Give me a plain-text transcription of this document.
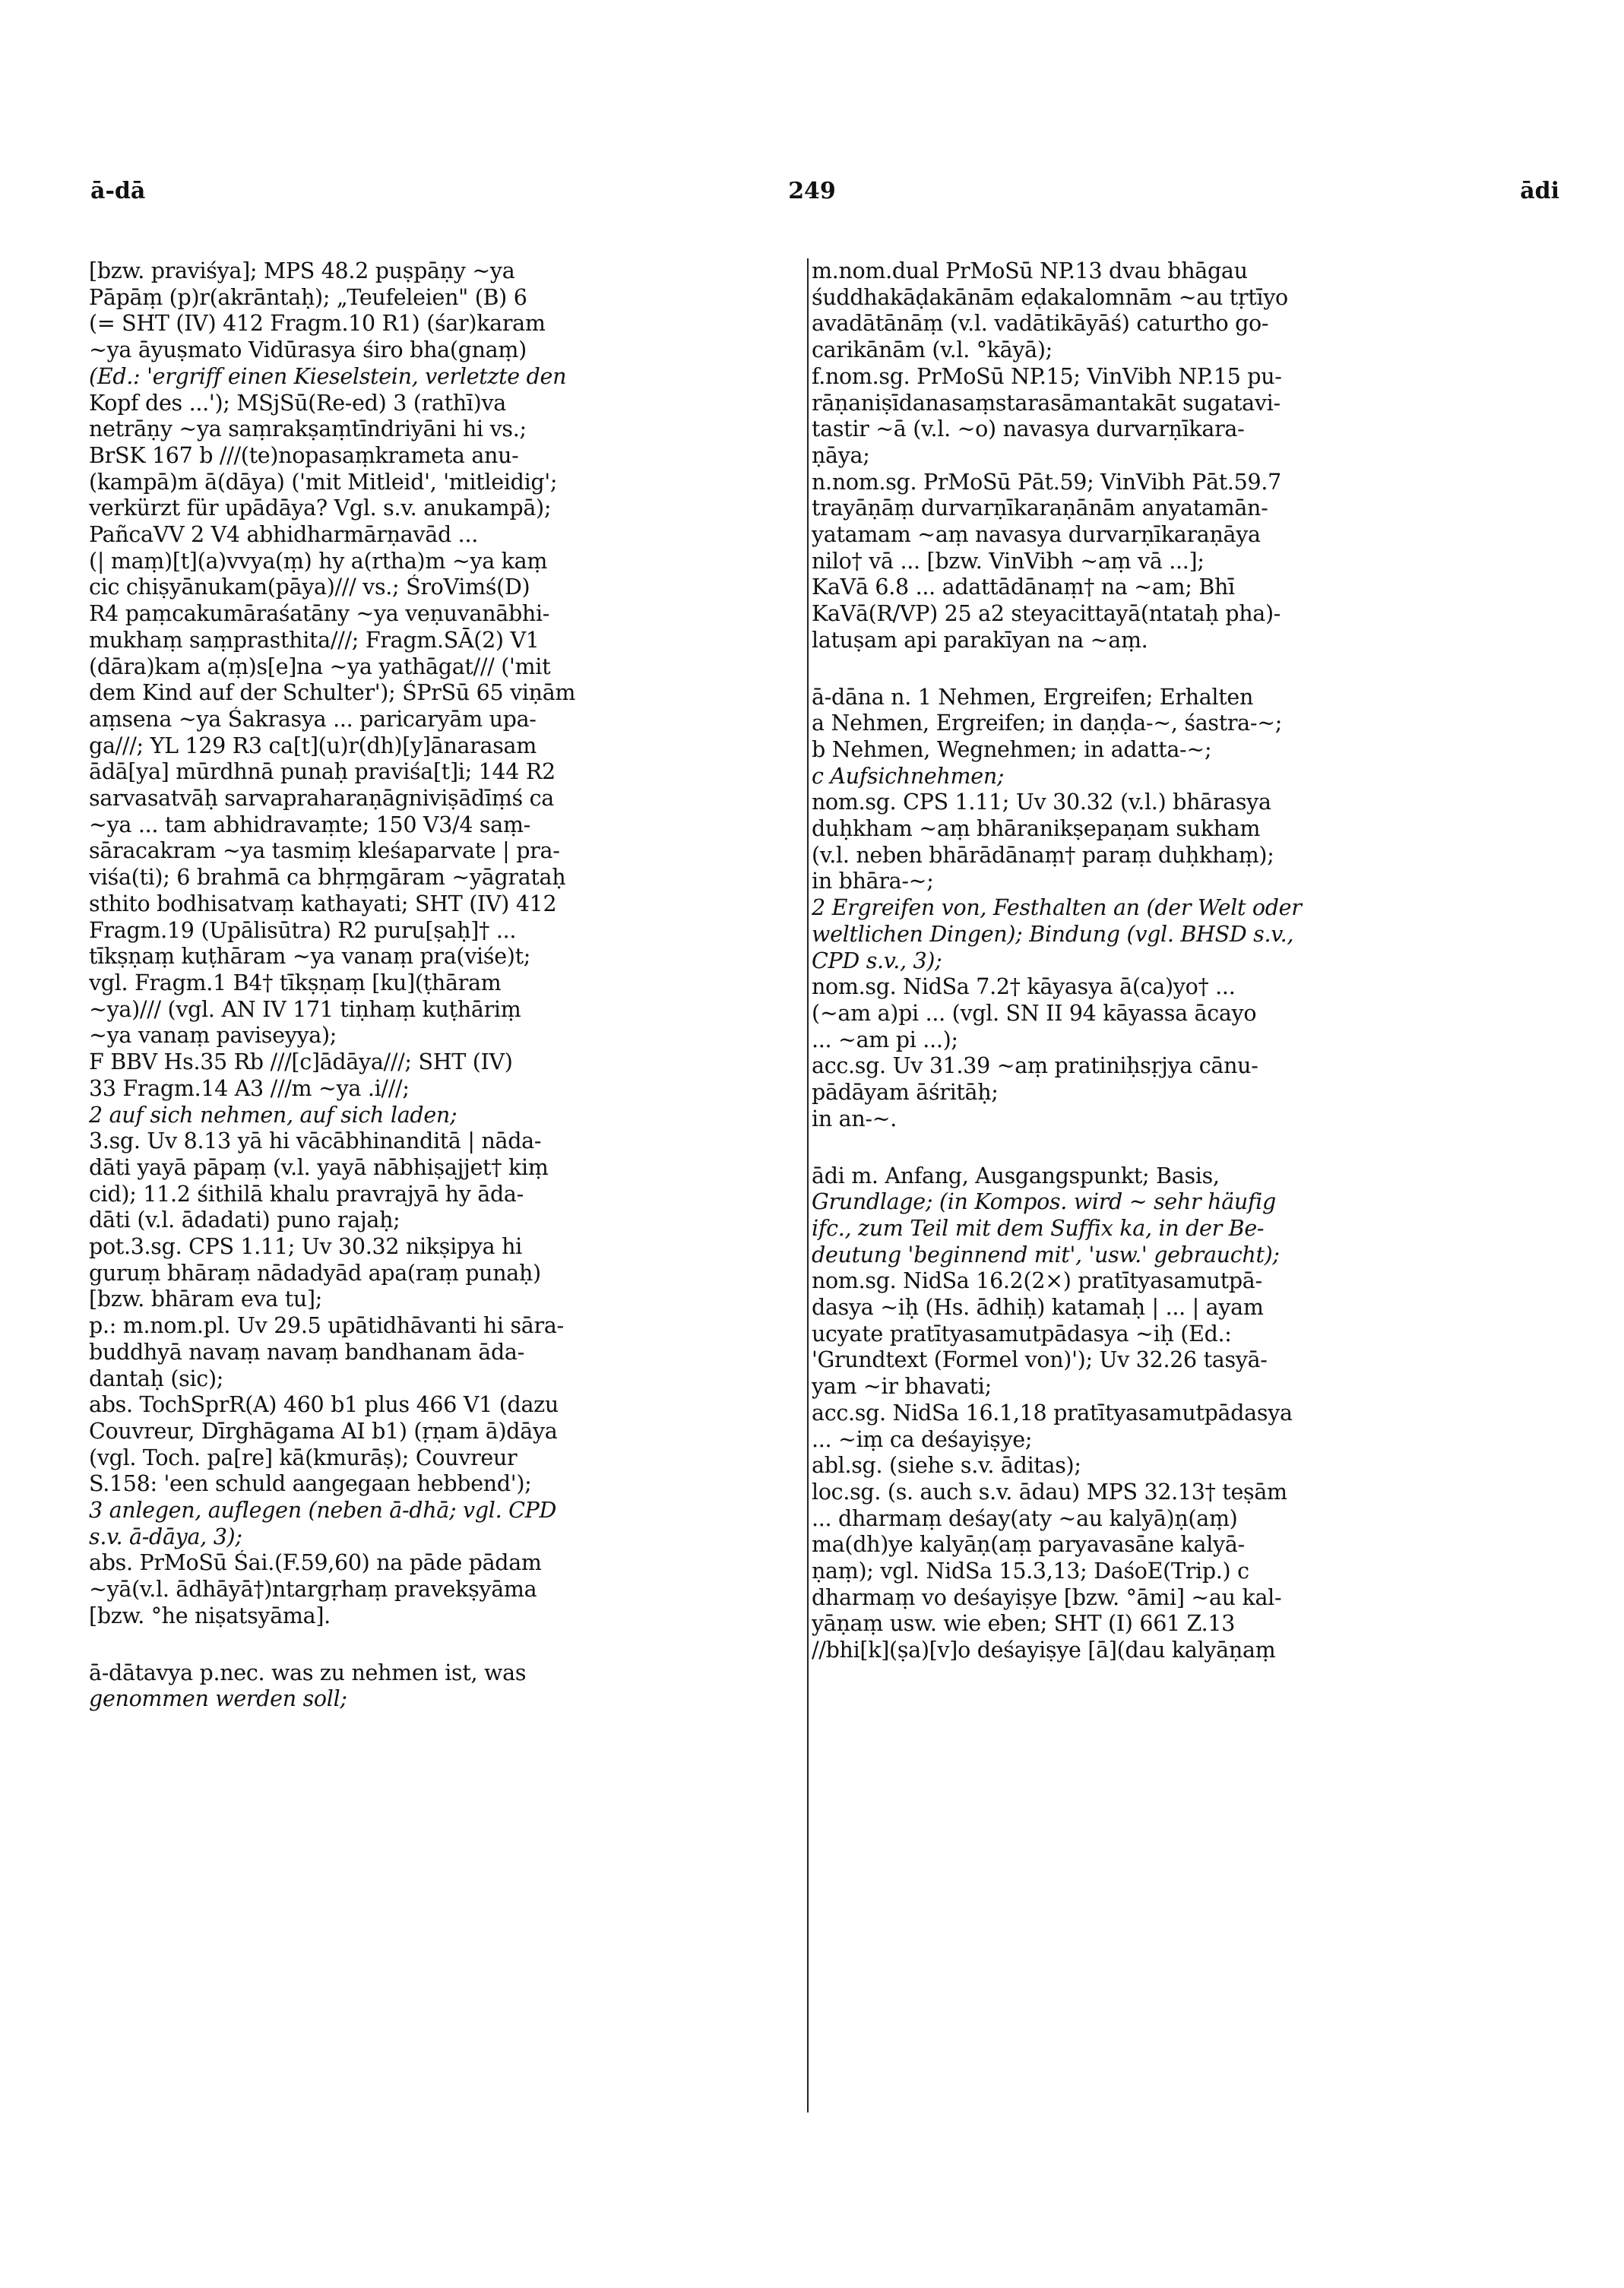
ā-dā	249	ādi
[bzw. praviśya]; MPS 48.2 puṣpāṇy ~ya
Pāpāṃ (p)r(akrāntaḥ); „Teufeleien" (B) 6
(= SHT (IV) 412 Fragm.10 R1) (śar)karam
~ya āyuṣmato Vidūrasya śiro bha(gnaṃ)
(Ed.: 'ergriff einen Kieselstein, verletzte den
Kopf des ...'); MSjSū(Re-ed) 3 (rathī)va
netrāṇy ~ya saṃrakṣaṃtīndriyāni hi vs.;
BrSK 167 b ///(te)nopasaṃkrameta anu-
(kampā)m ā(dāya) ('mit Mitleid', 'mitleidig';
verkürzt für upādāya? Vgl. s.v. anukampā);
PañcaVV 2 V4 abhidharmārṇavād ...
(| maṃ)[t](a)vvya(ṃ) hy a(rtha)m ~ya kaṃ
cic chiṣyānukam(pāya)/// vs.; ŚroVimś(D)
R4 paṃcakumāraśatāny ~ya veṇuvanābhi-
mukhaṃ saṃprasthita///; Fragm.SĀ(2) V1
(dāra)kam a(ṃ)s[e]na ~ya yathāgat/// ('mit
dem Kind auf der Schulter'); ŚPrSū 65 viṇām
aṃsena ~ya Śakrasya ... paricaryām upa-
ga///; YL 129 R3 ca[t](u)r(dh)[y]ānarasam
ādā[ya] mūrdhnā punaḥ praviśa[t]i; 144 R2
sarvasatvāḥ sarvapraharaṇāgniviṣādīṃś ca
~ya ... tam abhidravaṃte; 150 V3/4 saṃ-
sāracakram ~ya tasmiṃ kleśaparvate | pra-
viśa(ti); 6 brahmā ca bhṛṃgāram ~yāgrataḥ
sthito bodhisatvaṃ kathayati; SHT (IV) 412
Fragm.19 (Upālisūtra) R2 puru[ṣaḥ]† ...
tīkṣṇaṃ kuṭhāram ~ya vanaṃ pra(viśe)t;
vgl. Fragm.1 B4† tīkṣṇaṃ [ku](ṭhāram
~ya)/// (vgl. AN IV 171 tiṇhaṃ kuṭhāriṃ
~ya vanaṃ paviseyya);
F BBV Hs.35 Rb ///[c]ādāya///; SHT (IV)
33 Fragm.14 A3 ///m ~ya .i///;
2 auf sich nehmen, auf sich laden;
3.sg. Uv 8.13 yā hi vācābhinanditā | nāda-
dāti yayā pāpaṃ (v.l. yayā nābhiṣajjet† kiṃ
cid); 11.2 śithilā khalu pravrajyā hy āda-
dāti (v.l. ādadati) puno rajaḥ;
pot.3.sg. CPS 1.11; Uv 30.32 nikṣipya hi
guruṃ bhāraṃ nādadyād apa(raṃ punaḥ)
[bzw. bhāram eva tu];
p.: m.nom.pl. Uv 29.5 upātidhāvanti hi sāra-
buddhyā navaṃ navaṃ bandhanam āda-
dantaḥ (sic);
abs. TochSprR(A) 460 b1 plus 466 V1 (dazu
Couvreur, Dīrghāgama AI b1) (ṛṇam ā)dāya
(vgl. Toch. pa[re] kā(kmurāṣ); Couvreur
S.158: 'een schuld aangegaan hebbend');
3 anlegen, auflegen (neben ā-dhā; vgl. CPD
s.v. ā-dāya, 3);
abs. PrMoSū Śai.(F.59,60) na pāde pādam
~yā(v.l. ādhāyā†)ntargṛhaṃ pravekṣyāma
[bzw. °he niṣatsyāma].
ā-dātavya p.nec. was zu nehmen ist, was
genommen werden soll;
m.nom.dual PrMoSū NP.13 dvau bhāgau
śuddhakāḍakānām eḍakalomnām ~au tṛtīyo
avadātānāṃ (v.l. vadātikāyāś) caturtho go-
carikānām (v.l. °kāyā);
f.nom.sg. PrMoSū NP.15; VinVibh NP.15 pu-
rāṇaniṣīdanasaṃstarasāmantakāt sugatavi-
tastir ~ā (v.l. ~o) navasya durvarṇīkara-
ṇāya;
n.nom.sg. PrMoSū Pāt.59; VinVibh Pāt.59.7
trayāṇāṃ durvarṇīkaraṇānām anyatamān-
yatamam ~aṃ navasya durvarṇīkaraṇāya
nilo† vā ... [bzw. VinVibh ~aṃ vā ...];
KaVā 6.8 ... adattādānaṃ† na ~am; Bhī
KaVā(R/VP) 25 a2 steyacittayā(ntataḥ pha)-
latuṣam api parakīyan na ~aṃ.
ā-dāna n. 1 Nehmen, Ergreifen; Erhalten
a Nehmen, Ergreifen; in daṇḍa-~, śastra-~;
b Nehmen, Wegnehmen; in adatta-~;
c Aufsichnehmen;
nom.sg. CPS 1.11; Uv 30.32 (v.l.) bhārasya
duḥkham ~aṃ bhāranikṣepaṇam sukham
(v.l. neben bhārādānaṃ† paraṃ duḥkhaṃ);
in bhāra-~;
2 Ergreifen von, Festhalten an (der Welt oder
weltlichen Dingen); Bindung (vgl. BHSD s.v.,
CPD s.v., 3);
nom.sg. NidSa 7.2† kāyasya ā(ca)yo† ...
(~am a)pi ... (vgl. SN II 94 kāyassa ācayo
... ~am pi ...);
acc.sg. Uv 31.39 ~aṃ pratiniḥsṛjya cānu-
pādāyam āśritāḥ;
in an-~.
ādi m. Anfang, Ausgangspunkt; Basis,
Grundlage; (in Kompos. wird ~ sehr häufig
ifc., zum Teil mit dem Suffix ka, in der Be-
deutung 'beginnend mit', 'usw.' gebraucht);
nom.sg. NidSa 16.2(2×) pratītyasamutpā-
dasya ~iḥ (Hs. ādhiḥ) katamaḥ | ... | ayam
ucyate pratītyasamutpādasya ~iḥ (Ed.:
'Grundtext (Formel von)'); Uv 32.26 tasyā-
yam ~ir bhavati;
acc.sg. NidSa 16.1,18 pratītyasamutpādasya
... ~iṃ ca deśayiṣye;
abl.sg. (siehe s.v. āditas);
loc.sg. (s. auch s.v. ādau) MPS 32.13† teṣām
... dharmaṃ deśay(aty ~au kalyā)ṇ(aṃ)
ma(dh)ye kalyāṇ(aṃ paryavasāne kalyā-
ṇaṃ); vgl. NidSa 15.3,13; DaśoE(Trip.) c
dharmaṃ vo deśayiṣye [bzw. °āmi] ~au kal-
yāṇaṃ usw. wie eben; SHT (I) 661 Z.13
//bhi[k](ṣa)[v]o deśayiṣye [ā](dau kalyāṇaṃ
